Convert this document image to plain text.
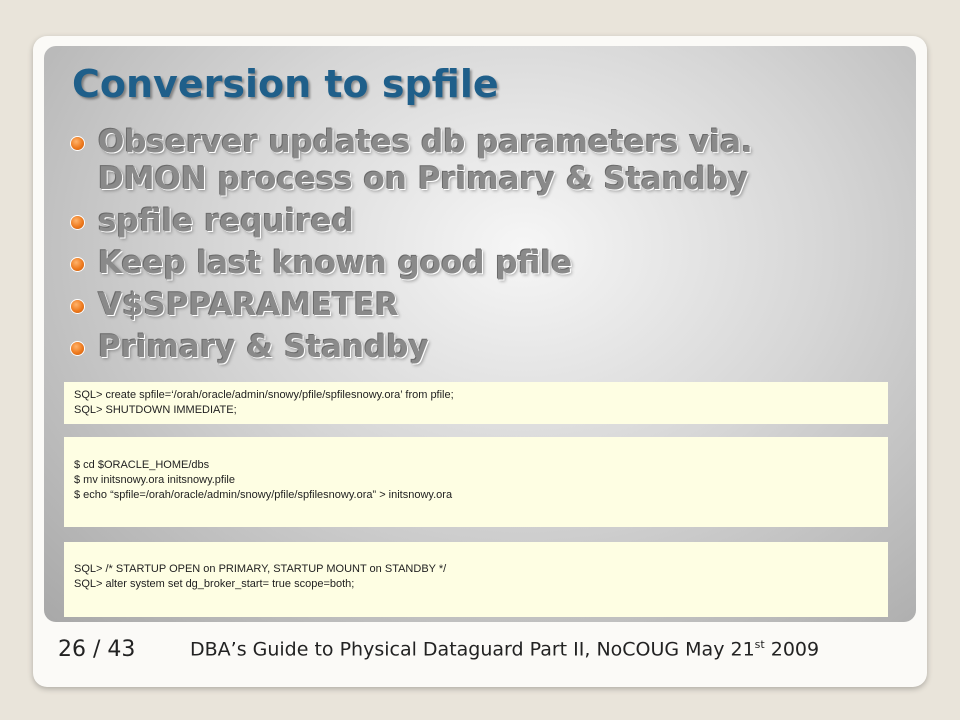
Conversion to spfile
Observer updates db parameters via.
DMON process on Primary & Standby
spfile required
Keep last known good pfile
V$SPPARAMETER
Primary & Standby
SQL> create spfile=‘/orah/oracle/admin/snowy/pfile/spfilesnowy.ora’ from pfile;
SQL> SHUTDOWN IMMEDIATE;
$ cd $ORACLE_HOME/dbs
$ mv initsnowy.ora initsnowy.pfile
$ echo “spfile=/orah/oracle/admin/snowy/pfile/spfilesnowy.ora” > initsnowy.ora
SQL> /* STARTUP OPEN on PRIMARY, STARTUP MOUNT on STANDBY */
SQL> alter system set dg_broker_start= true scope=both;
26 / 43	DBA’s Guide to Physical Dataguard Part II, NoCOUG May 21st 2009
